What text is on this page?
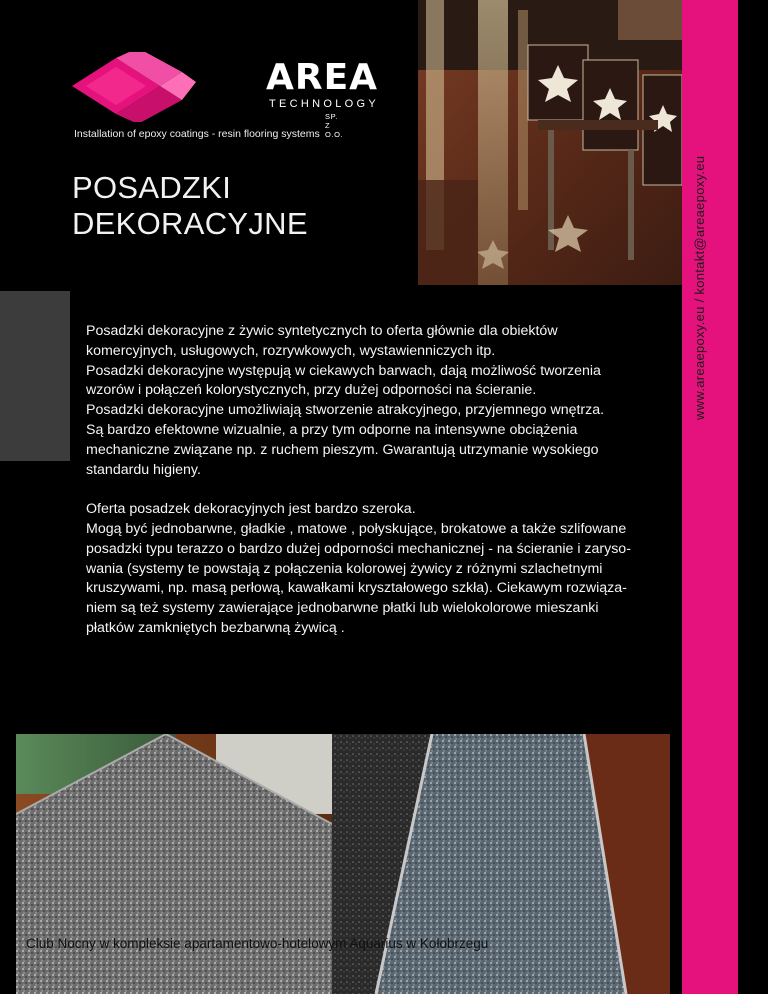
AREA
TECHNOLOGY
SP. Z O.O.
Installation of epoxy coatings - resin flooring systems
POSADZKI
DEKORACYJNE	www.areaepoxy.eu / kontakt@areaepoxy.eu
Posadzki dekoracyjne z żywic syntetycznych to oferta głównie dla obiektów
komercyjnych, usługowych, rozrywkowych, wystawienniczych itp.
Posadzki dekoracyjne występują w ciekawych barwach, dają możliwość tworzenia
wzorów i połączeń kolorystycznych, przy dużej odporności na ścieranie.
Posadzki dekoracyjne umożliwiają stworzenie atrakcyjnego, przyjemnego wnętrza.
Są bardzo efektowne wizualnie, a przy tym odporne na intensywne obciążenia
mechaniczne związane np. z ruchem pieszym. Gwarantują utrzymanie wysokiego
standardu higieny.
Oferta posadzek dekoracyjnych jest bardzo szeroka.
Mogą być jednobarwne, gładkie , matowe , połyskujące, brokatowe a także szlifowane
posadzki typu terazzo o bardzo dużej odporności mechanicznej - na ścieranie i zaryso-
wania (systemy te powstają z połączenia kolorowej żywicy z różnymi szlachetnymi
kruszywami, np. masą perłową, kawałkami kryształowego szkła). Ciekawym rozwiąza-
niem są też systemy zawierające jednobarwne płatki lub wielokolorowe mieszanki
płatków zamkniętych bezbarwną żywicą .
Club Nocny w kompleksie apartamentowo-hotelowym Aquarius w Kołobrzegu
